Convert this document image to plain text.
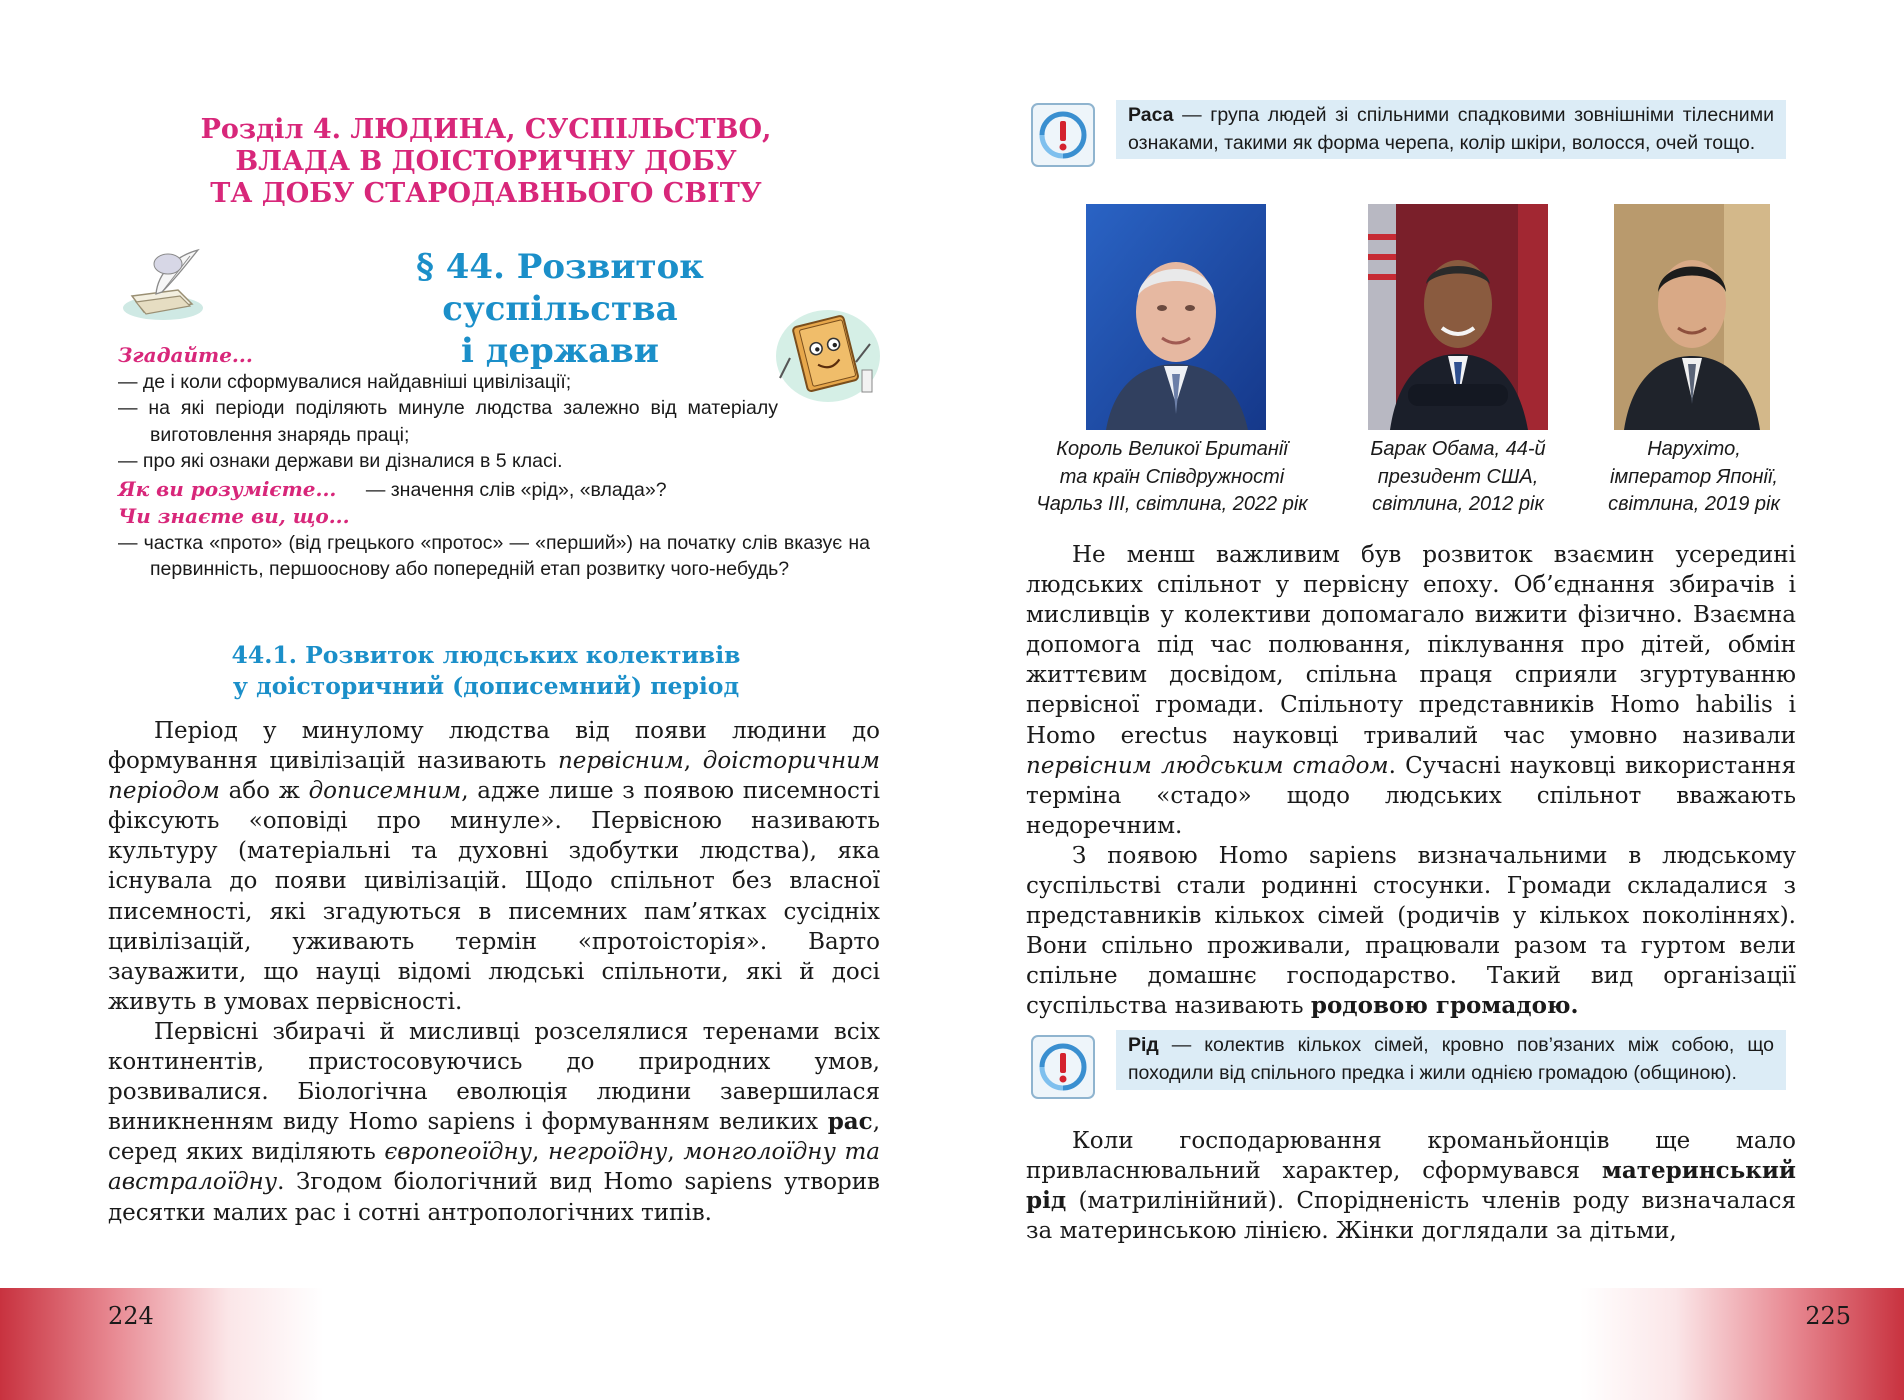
Розділ 4. ЛЮДИНА, СУСПІЛЬСТВО,
ВЛАДА В ДОІСТОРИЧНУ ДОБУ
ТА ДОБУ СТАРОДАВНЬОГО СВІТУ
§ 44. Розвиток суспільства
і держави
Згадайте...
— де і коли сформувалися найдавніші цивілізації;
— на які періоди поділяють минуле людства залежно від матеріалу виготовлення знарядь праці;
— про які ознаки держави ви дізналися в 5 класі.
Як ви розумієте... — значення слів «рід», «влада»?
Чи знаєте ви, що...
— частка «прото» (від грецького «протос» — «перший») на початку слів вказує на первинність, першооснову або попередній етап розвитку чого-небудь?
44.1. Розвиток людських колективів
у доісторичний (дописемний) період

Період у минулому людства від появи людини до формування цивілізацій називають первісним, доісторичним періодом або ж дописемним, адже лише з появою писемності фіксують «оповіді про минуле». Первісною називають культуру (матеріальні та духовні здобутки людства), яка існувала до появи цивілізацій. Щодо спільнот без власної писемності, які згадуються в писемних пам’ятках сусідніх цивілізацій, уживають термін «протоісторія». Варто зауважити, що науці відомі людські спільноти, які й досі живуть в умовах первісності.

Первісні збирачі й мисливці розселялися теренами всіх континентів, пристосовуючись до природних умов, розвивалися. Біологічна еволюція людини завершилася виникненням виду Homo sapiens і формуванням великих рас, серед яких виділяють європеоїдну, негроїдну, монголоїдну та австралоїдну. Згодом біологічний вид Homo sapiens утворив десятки малих рас і сотні антропологічних типів.

224	225
Раса — група людей зі спільними спадковими зовнішніми тілесними ознаками, такими як форма черепа, колір шкіри, волосся, очей тощо.
Король Великої Британії
та країн Співдружності
Чарльз ІІІ, світлина, 2022 рік
Барак Обама, 44-й
президент США,
світлина, 2012 рік
Нарухіто,
імператор Японії,
світлина, 2019 рік

Не менш важливим був розвиток взаємин усередині людських спільнот у первісну епоху. Об’єднання збирачів і мисливців у колективи допомагало вижити фізично. Взаємна допомога під час полювання, піклування про дітей, обмін життєвим досвідом, спільна праця сприяли згуртуванню первісної громади. Спільноту представників Homo habilis і Homo erectus науковці тривалий час умовно називали первісним людським стадом. Сучасні науковці використання терміна «стадо» щодо людських спільнот вважають недоречним.

З появою Homo sapiens визначальними в людському суспільстві стали родинні стосунки. Громади складалися з представників кількох сімей (родичів у кількох поколіннях). Вони спільно проживали, працювали разом та гуртом вели спільне домашнє господарство. Такий вид організації суспільства називають родовою громадою.

Рід — колектив кількох сімей, кровно пов’язаних між собою, що походили від спільного предка і жили однією громадою (общиною).

Коли господарювання кроманьйонців ще мало привласнювальний характер, сформувався материнський рід (матрилінійний). Спорідненість членів роду визначалася за материнською лінією. Жінки доглядали за дітьми,
